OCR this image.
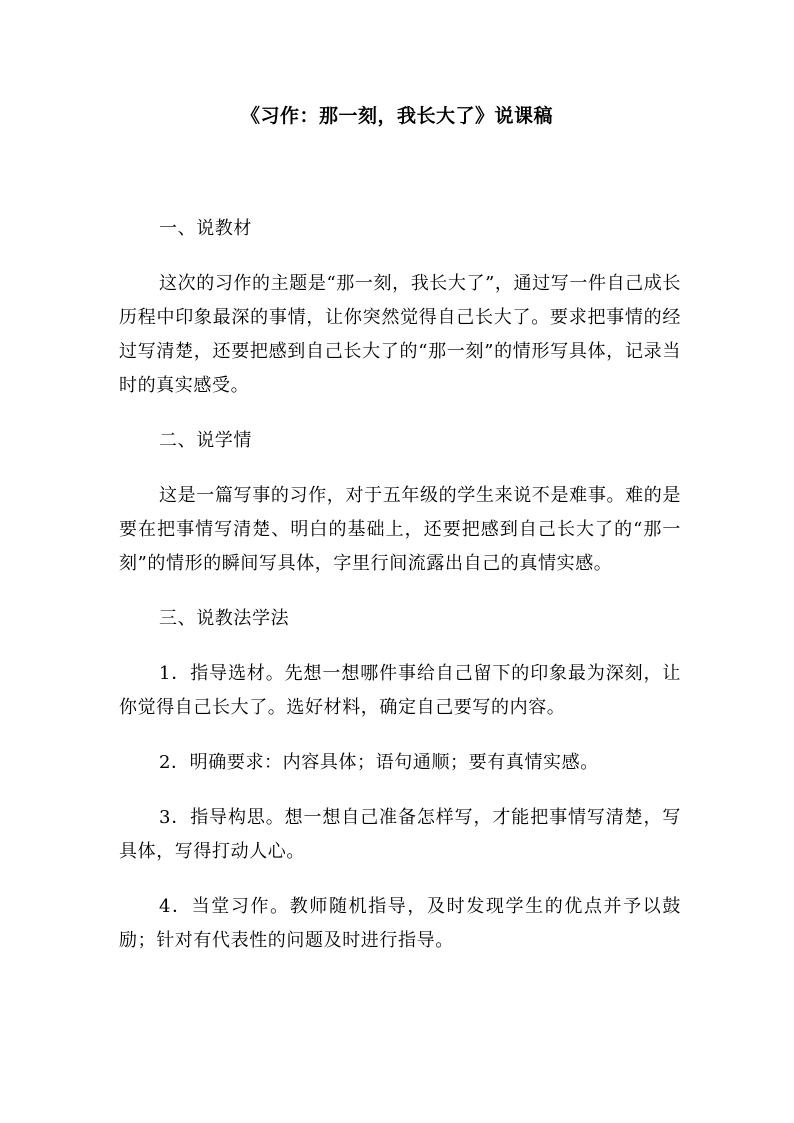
《习作：那一刻，我长大了》说课稿

一、说教材

这次的习作的主题是“那一刻，我长大了”，通过写一件自己成长历程中印象最深的事情，让你突然觉得自己长大了。要求把事情的经过写清楚，还要把感到自己长大了的“那一刻”的情形写具体，记录当时的真实感受。

二、说学情

这是一篇写事的习作，对于五年级的学生来说不是难事。难的是要在把事情写清楚、明白的基础上，还要把感到自己长大了的“那一刻”的情形的瞬间写具体，字里行间流露出自己的真情实感。

三、说教法学法

1．指导选材。先想一想哪件事给自己留下的印象最为深刻，让你觉得自己长大了。选好材料，确定自己要写的内容。

2．明确要求：内容具体；语句通顺；要有真情实感。

3．指导构思。想一想自己准备怎样写，才能把事情写清楚，写具体，写得打动人心。

4．当堂习作。教师随机指导，及时发现学生的优点并予以鼓励；针对有代表性的问题及时进行指导。
